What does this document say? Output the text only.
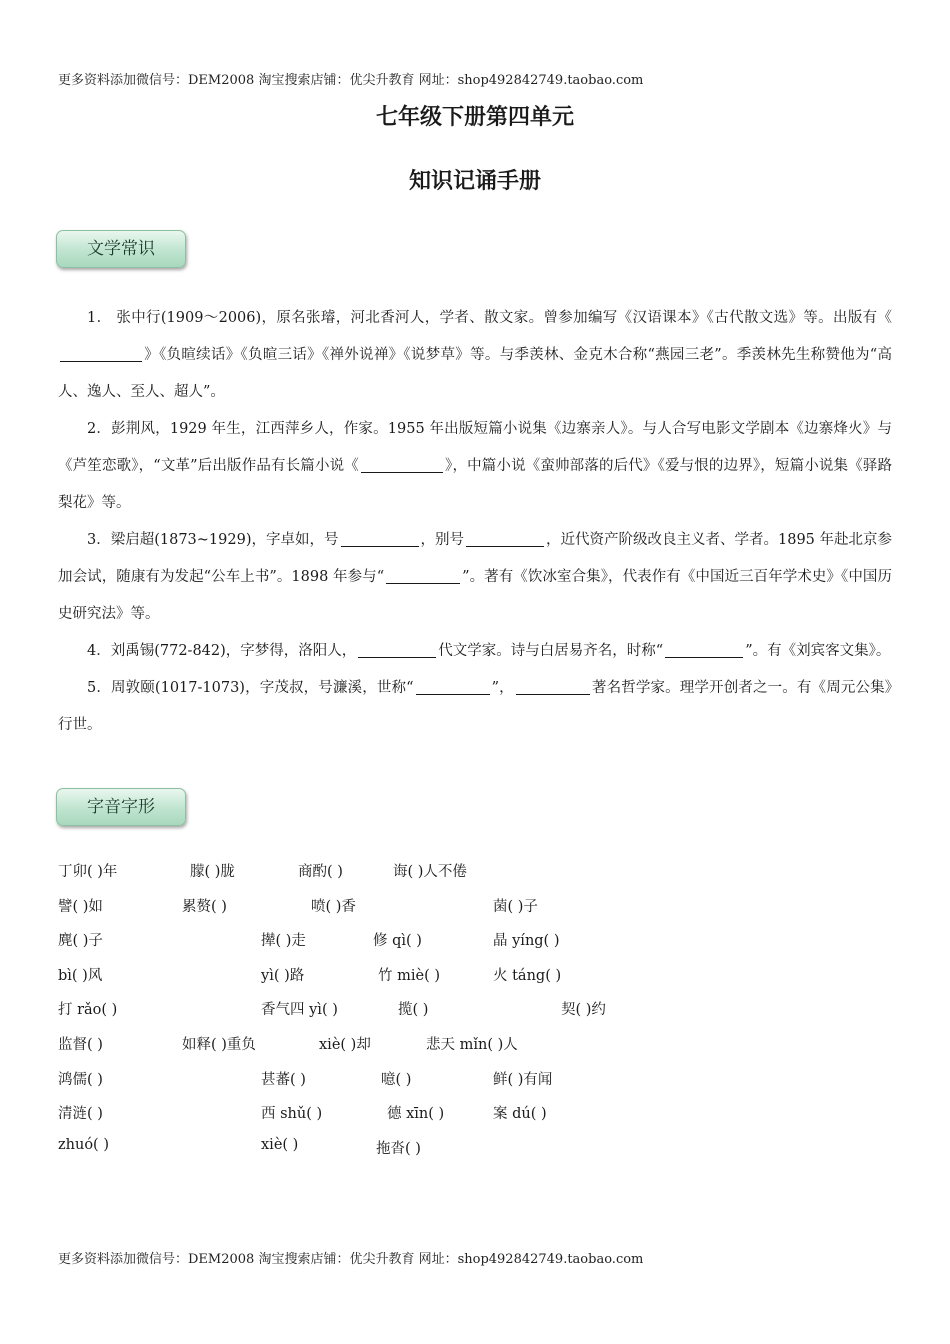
更多资料添加微信号：DEM2008 淘宝搜索店铺：优尖升教育 网址：shop492842749.taobao.com
七年级下册第四单元
知识记诵手册
文学常识

1． 张中行(1909～2006)，原名张璿，河北香河人，学者、散文家。曾参加编写《汉语课本》《古代散文选》等。出版有《》《负暄续话》《负暄三话》《禅外说禅》《说梦草》等。与季羡林、金克木合称“燕园三老”。季羡林先生称赞他为“高人、逸人、至人、超人”。

2．彭荆风，1929 年生，江西萍乡人，作家。1955 年出版短篇小说集《边寨亲人》。与人合写电影文学剧本《边寨烽火》与《芦笙恋歌》，“文革”后出版作品有长篇小说《	》，中篇小说《蛮帅部落的后代》《爱与恨的边界》，短篇小说集《驿路梨花》等。

3．梁启超(1873~1929)，字卓如，号	，别号	，近代资产阶级改良主义者、学者。1895 年赴北京参加会试，随康有为发起“公车上书”。1898 年参与“	”。著有《饮冰室合集》，代表作有《中国近三百年学术史》《中国历史研究法》等。

4．刘禹锡(772-842)，字梦得，洛阳人，	代文学家。诗与白居易齐名，时称“	”。有《刘宾客文集》。

5．周敦颐(1017-1073)，字茂叔，号濂溪，世称“	”，	著名哲学家。理学开创者之一。有《周元公集》行世。

字音字形
丁卯( )年	朦( )胧	商酌( )	诲( )人不倦
譬( )如	累赘( )	喷( )香	菌( )子
麂( )子	撵( )走	修 qì( )	晶 yíng( )
bì( )风	yì( )路	竹 miè( )	火 táng( )
打 rǎo( )	香气四 yì( )	揽( )	契( )约
监督( )	如释( )重负	xiè( )却	悲天 mǐn( )人
鸿儒( )	甚蕃( )	噫( )	鲜( )有闻
清涟( )	西 shǔ( )	德 xīn( )	案 dú( )
zhuó( )	xiè( )	拖沓( )
更多资料添加微信号：DEM2008 淘宝搜索店铺：优尖升教育 网址：shop492842749.taobao.com
